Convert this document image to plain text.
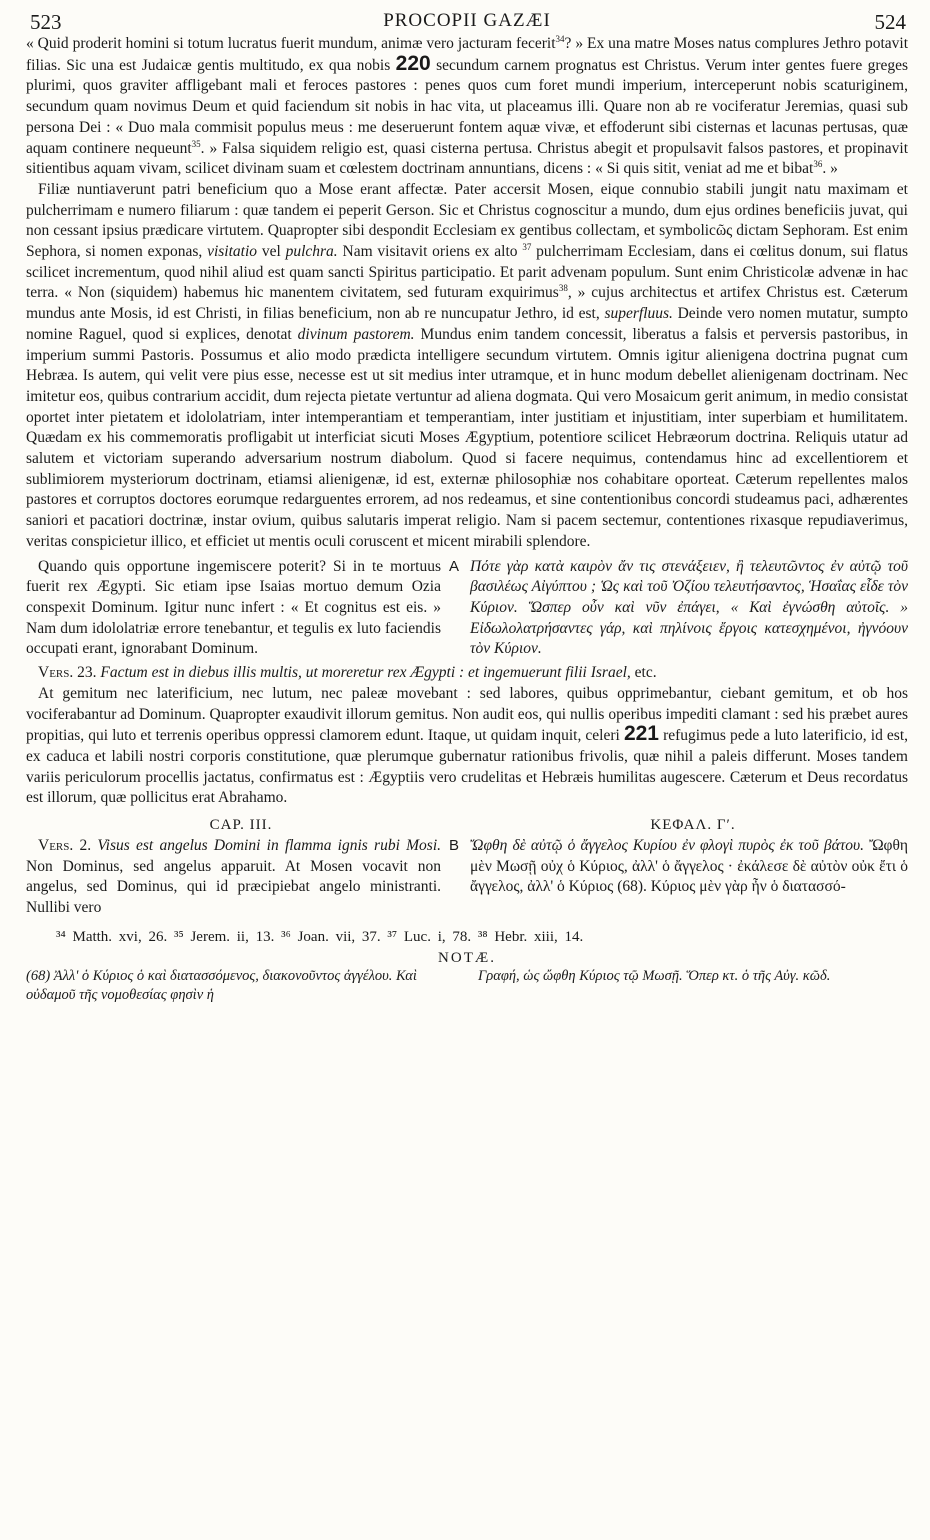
523	PROCOPII GAZÆI	524

« Quid proderit homini si totum lucratus fuerit mundum, animæ vero jacturam fecerit$^{34}$? » Ex una matre Moses natus complures Jethro potavit filias. Sic una est Judaicæ gentis multitudo, ex qua nobis 220 secundum carnem prognatus est Christus. Verum inter gentes fuere greges plurimi, quos graviter affligebant mali et feroces pastores : penes quos cum foret mundi imperium, interceperunt nobis scaturiginem, secundum quam novimus Deum et quid faciendum sit nobis in hac vita, ut placeamus illi. Quare non ab re vociferatur Jeremias, quasi sub persona Dei : « Duo mala commisit populus meus : me deseruerunt fontem aquæ vivæ, et effoderunt sibi cisternas et lacunas pertusas, quæ aquam continere nequeunt$^{35}$. » Falsa siquidem religio est, quasi cisterna pertusa. Christus abegit et propulsavit falsos pastores, et propinavit sitientibus aquam vivam, scilicet divinam suam et cœlestem doctrinam annuntians, dicens : « Si quis sitit, veniat ad me et bibat$^{36}$. »

Filiæ nuntiaverunt patri beneficium quo a Mose erant affectæ. Pater accersit Mosen, eique connubio stabili jungit natu maximam et pulcherrimam e numero filiarum : quæ tandem ei peperit Gerson. Sic et Christus cognoscitur a mundo, dum ejus ordines beneficiis juvat, qui non cessant ipsius prædicare virtutem. Quapropter sibi despondit Ecclesiam ex gentibus collectam, et symbolicῶς dictam Sephoram. Est enim Sephora, si nomen exponas, visitatio vel pulchra. Nam visitavit oriens ex alto $^{37}$ pulcherrimam Ecclesiam, dans ei cœlitus donum, sui flatus scilicet incrementum, quod nihil aliud est quam sancti Spiritus participatio. Et parit advenam populum. Sunt enim Christicolæ advenæ in hac terra. « Non (siquidem) habemus hic manentem civitatem, sed futuram exquirimus$^{38}$, » cujus architectus et artifex Christus est. Cæterum mundus ante Mosis, id est Christi, in filias beneficium, non ab re nuncupatur Jethro, id est, superfluus. Deinde vero nomen mutatur, sumpto nomine Raguel, quod si explices, denotat divinum pastorem. Mundus enim tandem concessit, liberatus a falsis et perversis pastoribus, in imperium summi Pastoris. Possumus et alio modo prædicta intelligere secundum virtutem. Omnis igitur alienigena doctrina pugnat cum Hebræa. Is autem, qui velit vere pius esse, necesse est ut sit medius inter utramque, et in hunc modum debellet alienigenam doctrinam. Nec imitetur eos, quibus contrarium accidit, dum rejecta pietate vertuntur ad aliena dogmata. Qui vero Mosaicum gerit animum, in medio consistat oportet inter pietatem et idololatriam, inter intemperantiam et temperantiam, inter justitiam et injustitiam, inter superbiam et humilitatem. Quædam ex his commemoratis profligabit ut interficiat sicuti Moses Ægyptium, potentiore scilicet Hebræorum doctrina. Reliquis utatur ad salutem et victoriam superando adversarium nostrum diabolum. Quod si facere nequimus, contendamus hinc ad excellentiorem et sublimiorem mysteriorum doctrinam, etiamsi alienigenæ, id est, externæ philosophiæ nos cohabitare oporteat. Cæterum repellentes malos pastores et corruptos doctores eorumque redarguentes errorem, ad nos redeamus, et sine contentionibus concordi studeamus paci, adhærentes saniori et pacatiori doctrinæ, instar ovium, quibus salutaris imperat religio. Nam si pacem sectemur, contentiones rixasque repudiaverimus, veritas conspicietur illico, et efficiet ut mentis oculi coruscent et micent mirabili splendore.

A

Quando quis opportune ingemiscere poterit? Si in te mortuus fuerit rex Ægypti. Sic etiam ipse Isaias mortuo demum Ozia conspexit Dominum. Igitur nunc infert : « Et cognitus est eis. » Nam dum idololatriæ errore tenebantur, et tegulis ex luto faciendis occupati erant, ignorabant Dominum.

Πότε γὰρ κατὰ καιρὸν ἄν τις στενάξειεν, ἢ τελευτῶντος ἐν αὐτῷ τοῦ βασιλέως Αἰγύπτου ; Ὡς καὶ τοῦ Ὀζίου τελευτήσαντος, Ἡσαΐας εἶδε τὸν Κύριον. Ὥσπερ οὖν καὶ νῦν ἐπάγει, « Καὶ ἐγνώσθη αὐτοῖς. » Εἰδωλολατρήσαντες γάρ, καὶ πηλίνοις ἔργοις κατεσχημένοι, ἠγνόουν τὸν Κύριον.

Vers. 23. Factum est in diebus illis multis, ut moreretur rex Ægypti : et ingemuerunt filii Israel, etc.

At gemitum nec laterificium, nec lutum, nec paleæ movebant : sed labores, quibus opprimebantur, ciebant gemitum, et ob hos vociferabantur ad Dominum. Quapropter exaudivit illorum gemitus. Non audit eos, qui nullis operibus impediti clamant : sed his præbet aures propitias, qui luto et terrenis operibus oppressi clamorem edunt. Itaque, ut quidam inquit, celeri 221 refugimus pede a luto laterificio, id est, ex caduca et labili nostri corporis constitutione, quæ plerumque gubernatur rationibus frivolis, quæ nihil a paleis differunt. Moses tandem variis periculorum procellis jactatus, confirmatus est : Ægyptiis vero crudelitas et Hebræis humilitas augescere. Cæterum et Deus recordatus est illorum, quæ pollicitus erat Abrahamo.

CAP. III.	ΚΕΦΑΛ. Γʹ.
B

Vers. 2. Visus est angelus Domini in flamma ignis rubi Mosi. Non Dominus, sed angelus apparuit. At Mosen vocavit non angelus, sed Dominus, qui id præcipiebat angelo ministranti. Nullibi vero

Ὤφθη δὲ αὐτῷ ὁ ἄγγελος Κυρίου ἐν φλογὶ πυρὸς ἐκ τοῦ βάτου. Ὤφθη μὲν Μωσῇ οὐχ ὁ Κύριος, ἀλλ' ὁ ἄγγελος · ἐκάλεσε δὲ αὐτὸν οὐκ ἔτι ὁ ἄγγελος, ἀλλ' ὁ Κύριος (68). Κύριος μὲν γὰρ ἦν ὁ διατασσό-

³⁴ Matth. xvi, 26. ³⁵ Jerem. ii, 13. ³⁶ Joan. vii, 37. ³⁷ Luc. i, 78. ³⁸ Hebr. xiii, 14.
NOTÆ.
(68) Ἀλλ' ὁ Κύριος ὁ καὶ διατασσόμενος, διακονοῦντος ἀγγέλου. Καὶ οὐδαμοῦ τῆς νομοθεσίας φησὶν ἡ
Γραφή, ὡς ὤφθη Κύριος τῷ Μωσῇ. Ὅπερ κτ. ὁ τῆς Αὐγ. κῶδ.
